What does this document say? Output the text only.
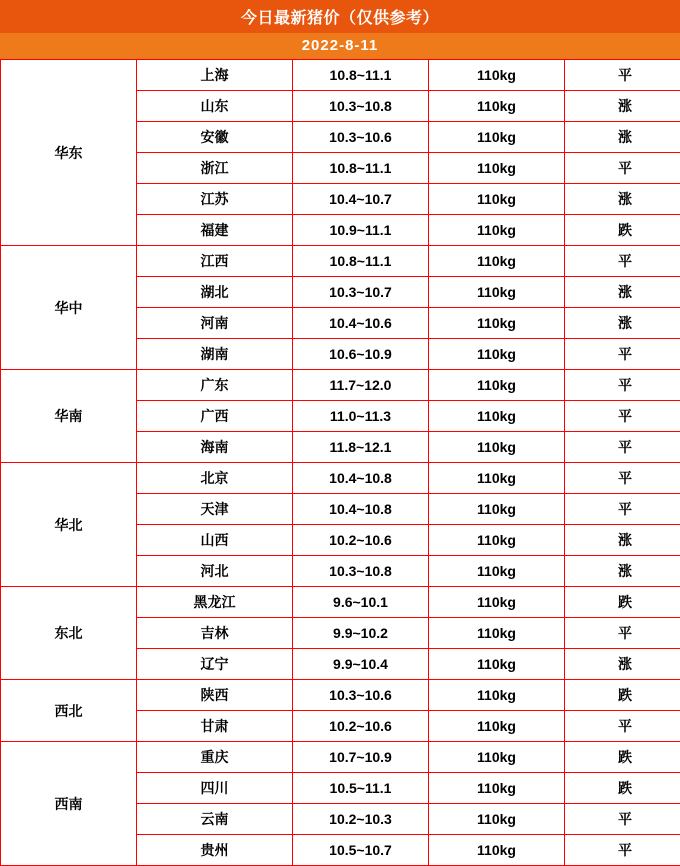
今日最新猪价（仅供参考）
2022-8-11
华东	上海	10.8~11.1	110kg	平
	山东	10.3~10.8	110kg	涨
	安徽	10.3~10.6	110kg	涨
	浙江	10.8~11.1	110kg	平
	江苏	10.4~10.7	110kg	涨
	福建	10.9~11.1	110kg	跌
华中	江西	10.8~11.1	110kg	平
	湖北	10.3~10.7	110kg	涨
	河南	10.4~10.6	110kg	涨
	湖南	10.6~10.9	110kg	平
华南	广东	11.7~12.0	110kg	平
	广西	11.0~11.3	110kg	平
	海南	11.8~12.1	110kg	平
华北	北京	10.4~10.8	110kg	平
	天津	10.4~10.8	110kg	平
	山西	10.2~10.6	110kg	涨
	河北	10.3~10.8	110kg	涨
东北	黑龙江	9.6~10.1	110kg	跌
	吉林	9.9~10.2	110kg	平
	辽宁	9.9~10.4	110kg	涨
西北	陕西	10.3~10.6	110kg	跌
	甘肃	10.2~10.6	110kg	平
西南	重庆	10.7~10.9	110kg	跌
	四川	10.5~11.1	110kg	跌
	云南	10.2~10.3	110kg	平
	贵州	10.5~10.7	110kg	平
